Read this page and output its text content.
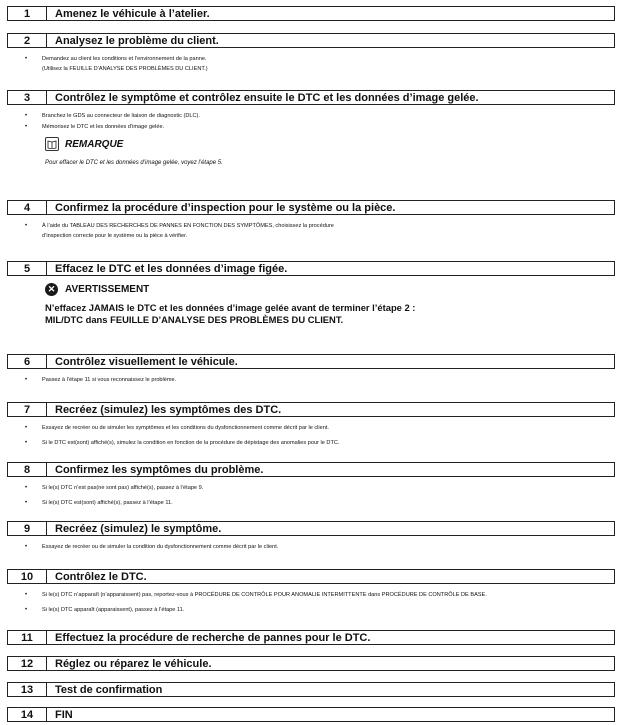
1	Amenez le véhicule à l’atelier.
2	Analysez le problème du client.
• Demandez au client les conditions et l’environnement de la panne.
(Utilisez la FEUILLE D’ANALYSE DES PROBLÈMES DU CLIENT.)
3	Contrôlez le symptôme et contrôlez ensuite le DTC et les données d’image gelée.
• Branchez le GDS au connecteur de liaison de diagnostic (DLC).
• Mémorisez le DTC et les données d’image gelée.
REMARQUE
Pour effacer le DTC et les données d’image gelée, voyez l’étape 5.
4	Confirmez la procédure d’inspection pour le système ou la pièce.
• À l’aide du TABLEAU DES RECHERCHES DE PANNES EN FONCTION DES SYMPTÔMES, choisissez la procédure
d’inspection correcte pour le système ou la pièce à vérifier.
5	Effacez le DTC et les données d’image figée.
✕ AVERTISSEMENT
N’effacez JAMAIS le DTC et les données d’image gelée avant de terminer l’étape 2 :
MIL/DTC dans FEUILLE D’ANALYSE DES PROBLÈMES DU CLIENT.
6	Contrôlez visuellement le véhicule.
• Passez à l’étape 11 si vous reconnaissez le problème.
7	Recréez (simulez) les symptômes des DTC.
• Essayez de recréer ou de simuler les symptômes et les conditions du dysfonctionnement comme décrit par le client.
• Si le DTC est(sont) affiché(s), simulez la condition en fonction de la procédure de dépistage des anomalies pour le DTC.
8	Confirmez les symptômes du problème.
• Si le(s) DTC n’est pas(ne sont pas) affiché(s), passez à l’étape 9.
• Si le(s) DTC est(sont) affiché(s), passez à l’étape 11.
9	Recréez (simulez) le symptôme.
• Essayez de recréer ou de simuler la condition du dysfonctionnement comme décrit par le client.
10	Contrôlez le DTC.
• Si le(s) DTC n’apparaît (n’apparaissent) pas, reportez-vous à PROCÉDURE DE CONTRÔLE POUR ANOMALIE INTERMITTENTE dans PROCÉDURE DE CONTRÔLE DE BASE.
• Si le(s) DTC apparaît (apparaissent), passez à l’étape 11.
11	Effectuez la procédure de recherche de pannes pour le DTC.
12	Réglez ou réparez le véhicule.
13	Test de confirmation
14	FIN
